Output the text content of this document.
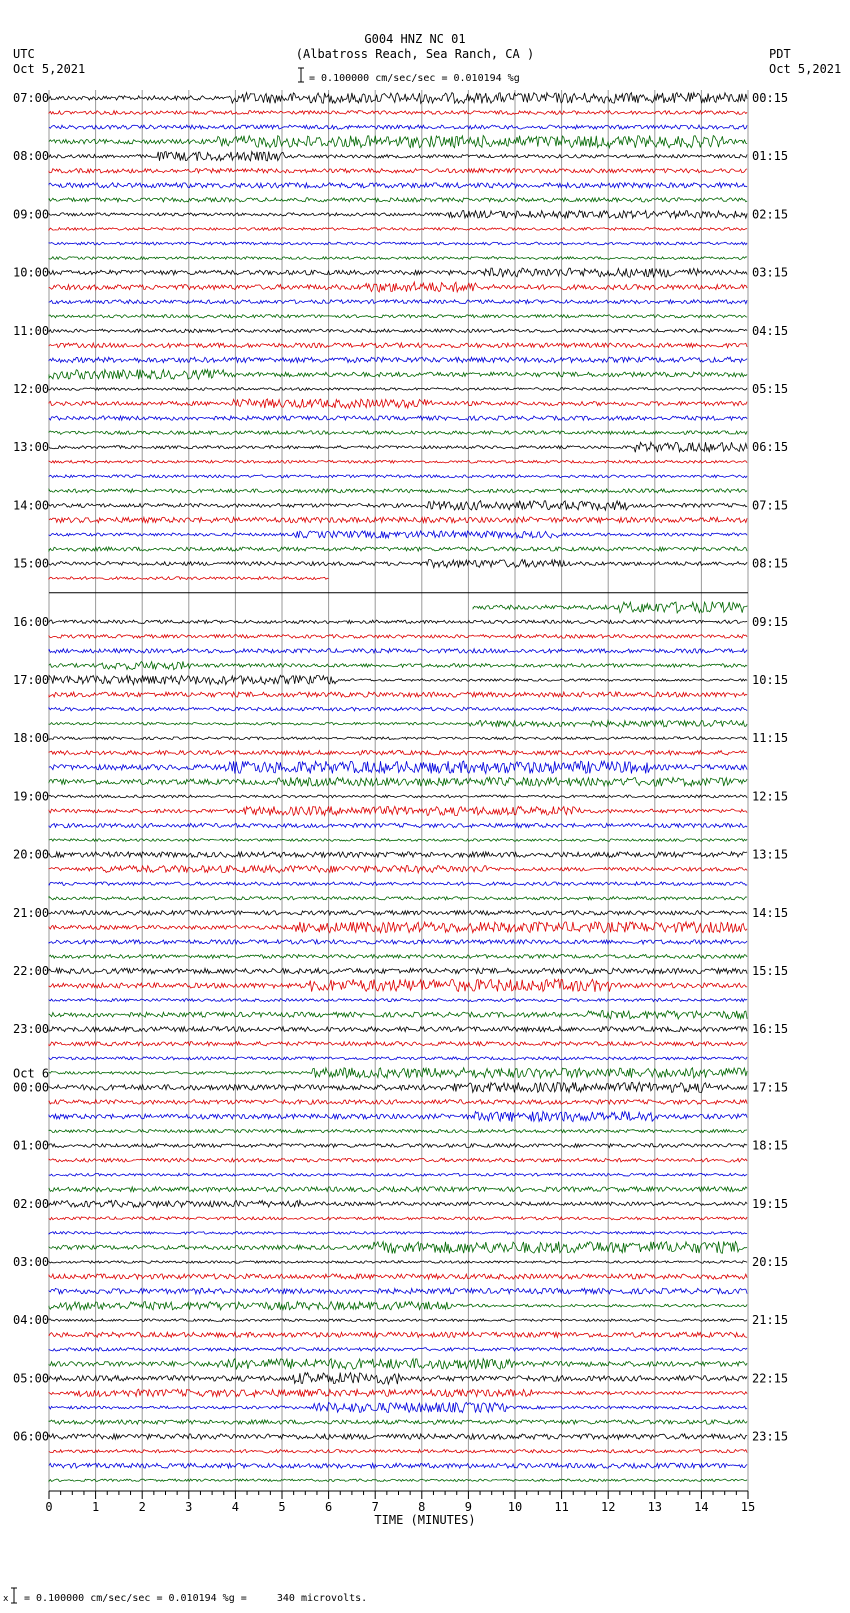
G004 HNZ NC 01
(Albatross Reach, Sea Ranch, CA )
= 0.100000 cm/sec/sec = 0.010194 %g
UTC
Oct 5,2021
PDT
Oct 5,2021
07:00
08:00
09:00
10:00
11:00
12:00
13:00
14:00
15:00
16:00
17:00
18:00
19:00
20:00
21:00
22:00
23:00
00:00
Oct 6
01:00
02:00
03:00
04:00
05:00
06:00
00:15
01:15
02:15
03:15
04:15
05:15
06:15
07:15
08:15
09:15
10:15
11:15
12:15
13:15
14:15
15:15
16:15
17:15
18:15
19:15
20:15
21:15
22:15
23:15
0	1	2	3	4	5	6	7	8	9	10	11	12	13	14	15
TIME (MINUTES)
x = 0.100000 cm/sec/sec = 0.010194 %g =     340 microvolts.
